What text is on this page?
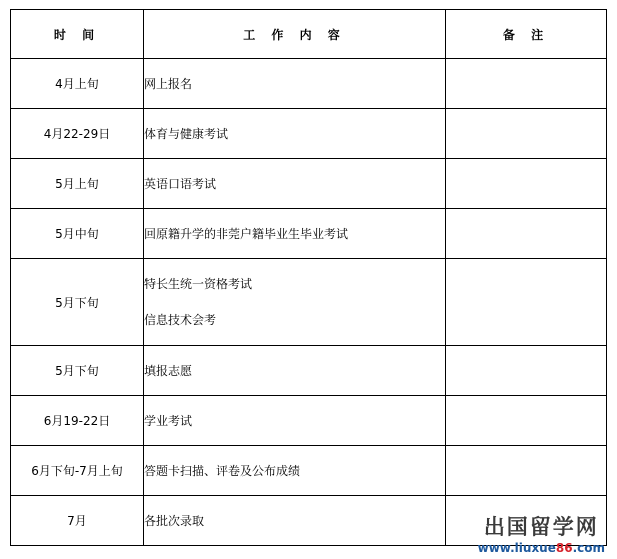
时 间	工 作 内 容	备 注
4月上旬	网上报名	

4月22-29日	体育与健康考试	

5月上旬	英语口语考试	

5月中旬	回原籍升学的非莞户籍毕业生毕业考试	

5月下旬	特长生统一资格考试
信息技术会考	

5月下旬	填报志愿	

6月19-22日	学业考试	

6月下旬-7月上旬	答题卡扫描、评卷及公布成绩	

7月	各批次录取	
		出国留学网
www.liuxue86.com
